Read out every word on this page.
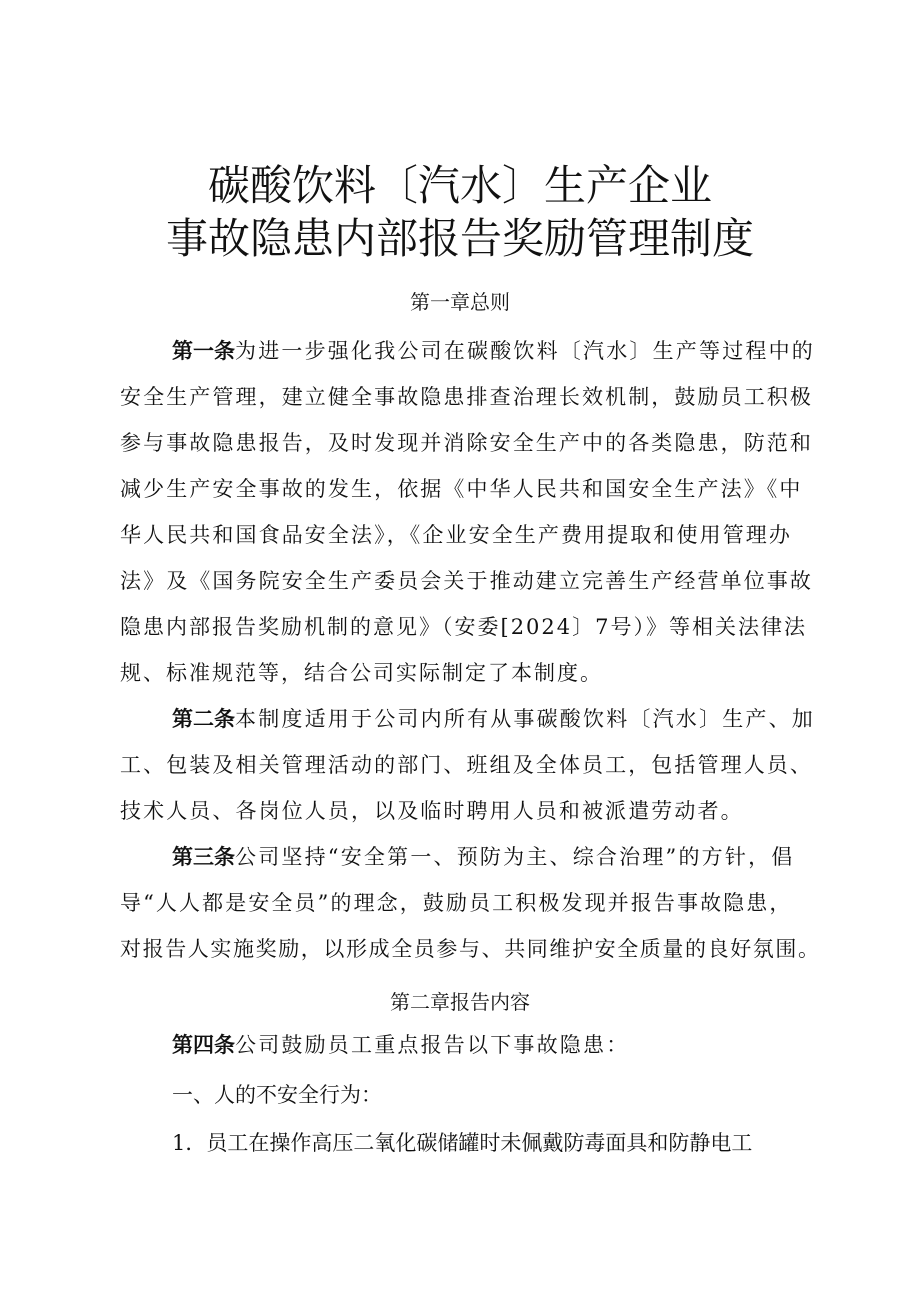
碳酸饮料〔汽水〕生产企业
事故隐患内部报告奖励管理制度
第一章总则
第一条为进一步强化我公司在碳酸饮料〔汽水〕生产等过程中的
安全生产管理，建立健全事故隐患排查治理长效机制，鼓励员工积极
参与事故隐患报告，及时发现并消除安全生产中的各类隐患，防范和
减少生产安全事故的发生，依据《中华人民共和国安全生产法》《中
华人民共和国食品安全法》，《企业安全生产费用提取和使用管理办
法》及《国务院安全生产委员会关于推动建立完善生产经营单位事故
隐患内部报告奖励机制的意见》（安委[2024〕7号）》等相关法律法
规、标准规范等，结合公司实际制定了本制度。
第二条本制度适用于公司内所有从事碳酸饮料〔汽水〕生产、加
工、包装及相关管理活动的部门、班组及全体员工，包括管理人员、
技术人员、各岗位人员，以及临时聘用人员和被派遣劳动者。
第三条公司坚持“安全第一、预防为主、综合治理”的方针，倡
导“人人都是安全员”的理念，鼓励员工积极发现并报告事故隐患，
对报告人实施奖励，以形成全员参与、共同维护安全质量的良好氛围。
第二章报告内容
第四条公司鼓励员工重点报告以下事故隐患：
一、人的不安全行为：
1．员工在操作高压二氧化碳储罐时未佩戴防毒面具和防静电工
